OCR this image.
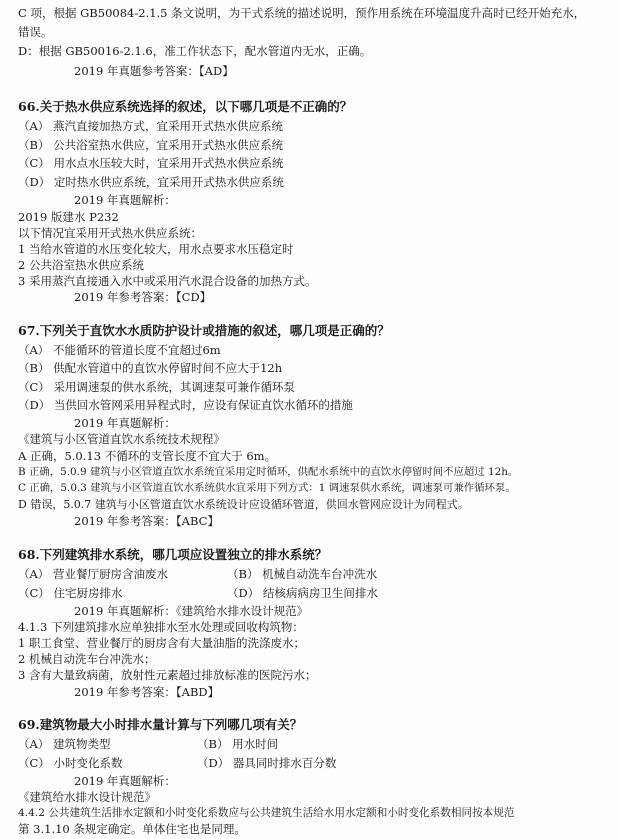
C 项，根据 GB50084-2.1.5 条文说明，为干式系统的描述说明，预作用系统在环境温度升高时已经开始充水，
错误。
D：根据 GB50016-2.1.6，准工作状态下，配水管道内无水，正确。
2019 年真题参考答案：【AD】
66.关于热水供应系统选择的叙述，以下哪几项是不正确的？
（A） 燕汽直接加热方式，宜采用开式热水供应系统
（B） 公共浴室热水供应，宜采用开式热水供应系统
（C） 用水点水压较大时，宜采用开式热水供应系统
（D） 定时热水供应系统，宜采用开式热水供应系统
2019 年真题解析：
2019 版建水 P232
以下情况宜采用开式热水供应系统：
1 当给水管道的水压变化较大，用水点要求水压稳定时
2 公共浴室热水供应系统
3 采用蒸汽直接通入水中或采用汽水混合设备的加热方式。
2019 年参考答案：【CD】
67.下列关于直饮水水质防护设计或措施的叙述，哪几项是正确的？
（A） 不能循环的管道长度不宜超过6m
（B） 供配水管道中的直饮水停留时间不应大于12h
（C） 采用调速泵的供水系统，其调速泵可兼作循环泵
（D） 当供回水管网采用异程式时，应设有保证直饮水循环的措施
2019 年真题解析：
《建筑与小区管道直饮水系统技术规程》
A 正确，5.0.13 不循环的支管长度不宜大于 6m。
B 正确，5.0.9 建筑与小区管道直饮水系统宜采用定时循环，供配水系统中的直饮水停留时间不应超过 12h。
C 正确，5.0.3 建筑与小区管道直饮水系统供水宜采用下列方式：1 调速泵供水系统，调速泵可兼作循环泵。
D 错误，5.0.7 建筑与小区管道直饮水系统设计应设循环管道，供回水管网应设计为同程式。
2019 年参考答案：【ABC】
68.下列建筑排水系统，哪几项应设置独立的排水系统？
（A） 营业餐厅厨房含油废水	（B） 机械自动洗车台冲洗水
（C） 住宅厨房排水	（D） 结核病病房卫生间排水
2019 年真题解析：《建筑给水排水设计规范》
4.1.3 下列建筑排水应单独排水至水处理或回收构筑物：
1 职工食堂、营业餐厅的厨房含有大量油脂的洗涤废水；
2 机械自动洗车台冲洗水；
3 含有大量致病菌，放射性元素超过排放标准的医院污水；
2019 年参考答案：【ABD】
69.建筑物最大小时排水量计算与下列哪几项有关？
（A） 建筑物类型	（B） 用水时间
（C） 小时变化系数	（D） 器具同时排水百分数
2019 年真题解析：
《建筑给水排水设计规范》
4.4.2 公共建筑生活排水定额和小时变化系数应与公共建筑生活给水用水定额和小时变化系数相同按本规范
第 3.1.10 条规定确定。单体住宅也是同理。
